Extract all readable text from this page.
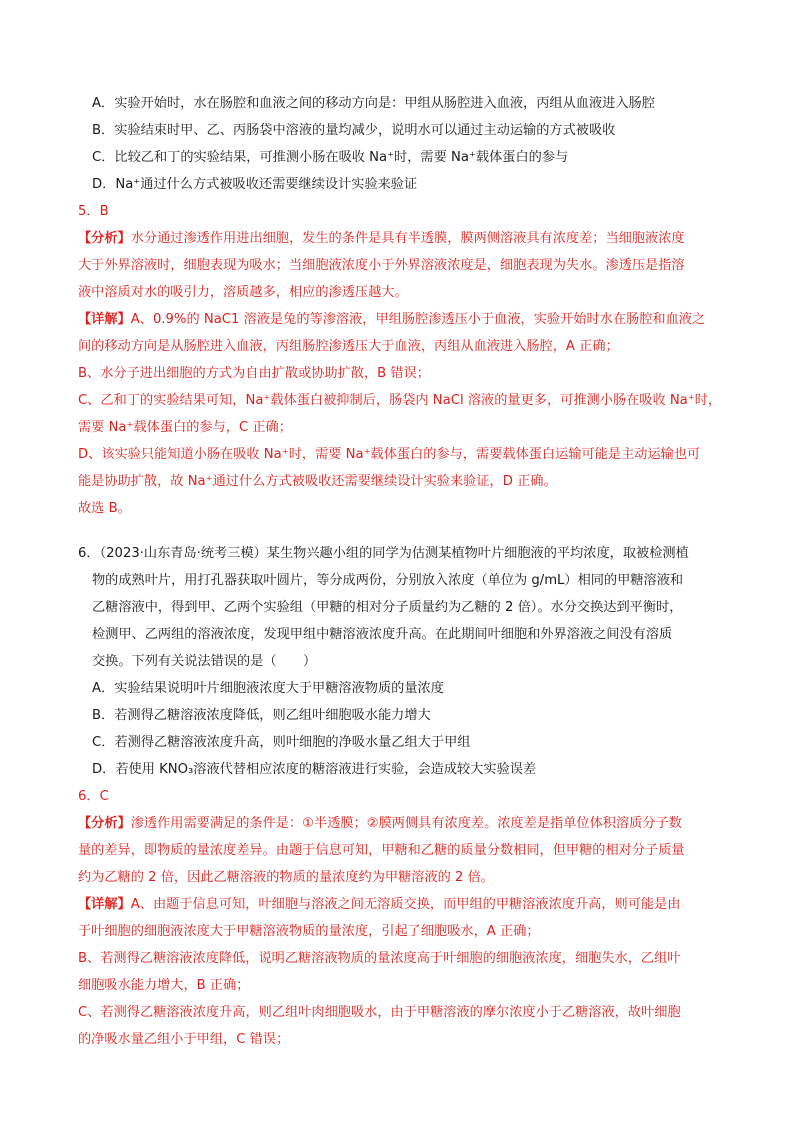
A．实验开始时，水在肠腔和血液之间的移动方向是：甲组从肠腔进入血液，丙组从血液进入肠腔
B．实验结束时甲、乙、丙肠袋中溶液的量均减少，说明水可以通过主动运输的方式被吸收
C．比较乙和丁的实验结果，可推测小肠在吸收 Na⁺时，需要 Na⁺载体蛋白的参与
D．Na⁺通过什么方式被吸收还需要继续设计实验来验证
5．B
【分析】水分通过渗透作用进出细胞，发生的条件是具有半透膜，膜两侧溶液具有浓度差；当细胞液浓度
大于外界溶液时，细胞表现为吸水；当细胞液浓度小于外界溶液浓度是，细胞表现为失水。渗透压是指溶
液中溶质对水的吸引力，溶质越多，相应的渗透压越大。
【详解】A、0.9%的 NaC1 溶液是兔的等渗溶液，甲组肠腔渗透压小于血液，实验开始时水在肠腔和血液之
间的移动方向是从肠腔进入血液，丙组肠腔渗透压大于血液，丙组从血液进入肠腔，A 正确；
B、水分子进出细胞的方式为自由扩散或协助扩散，B 错误；
C、乙和丁的实验结果可知，Na⁺载体蛋白被抑制后，肠袋内 NaCl 溶液的量更多，可推测小肠在吸收 Na⁺时，
需要 Na⁺载体蛋白的参与，C 正确；
D、该实验只能知道小肠在吸收 Na⁺时，需要 Na⁺载体蛋白的参与，需要载体蛋白运输可能是主动运输也可
能是协助扩散，故 Na⁺通过什么方式被吸收还需要继续设计实验来验证，D 正确。
故选 B。
6．（2023·山东青岛·统考三模）某生物兴趣小组的同学为估测某植物叶片细胞液的平均浓度，取被检测植
物的成熟叶片，用打孔器获取叶圆片，等分成两份，分别放入浓度（单位为 g/mL）相同的甲糖溶液和
乙糖溶液中，得到甲、乙两个实验组（甲糖的相对分子质量约为乙糖的 2 倍）。水分交换达到平衡时，
检测甲、乙两组的溶液浓度，发现甲组中糖溶液浓度升高。在此期间叶细胞和外界溶液之间没有溶质
交换。下列有关说法错误的是（　　）
A．实验结果说明叶片细胞液浓度大于甲糖溶液物质的量浓度
B．若测得乙糖溶液浓度降低，则乙组叶细胞吸水能力增大
C．若测得乙糖溶液浓度升高，则叶细胞的净吸水量乙组大于甲组
D．若使用 KNO₃溶液代替相应浓度的糖溶液进行实验，会造成较大实验误差
6．C
【分析】渗透作用需要满足的条件是：①半透膜；②膜两侧具有浓度差。浓度差是指单位体积溶质分子数
量的差异，即物质的量浓度差异。由题于信息可知，甲糖和乙糖的质量分数相同，但甲糖的相对分子质量
约为乙糖的 2 倍，因此乙糖溶液的物质的量浓度约为甲糖溶液的 2 倍。
【详解】A、由题于信息可知，叶细胞与溶液之间无溶质交换，而甲组的甲糖溶液浓度升高，则可能是由
于叶细胞的细胞液浓度大于甲糖溶液物质的量浓度，引起了细胞吸水，A 正确；
B、若测得乙糖溶液浓度降低，说明乙糖溶液物质的量浓度高于叶细胞的细胞液浓度，细胞失水，乙组叶
细胞吸水能力增大，B 正确；
C、若测得乙糖溶液浓度升高，则乙组叶肉细胞吸水，由于甲糖溶液的摩尔浓度小于乙糖溶液，故叶细胞
的净吸水量乙组小于甲组，C 错误；
